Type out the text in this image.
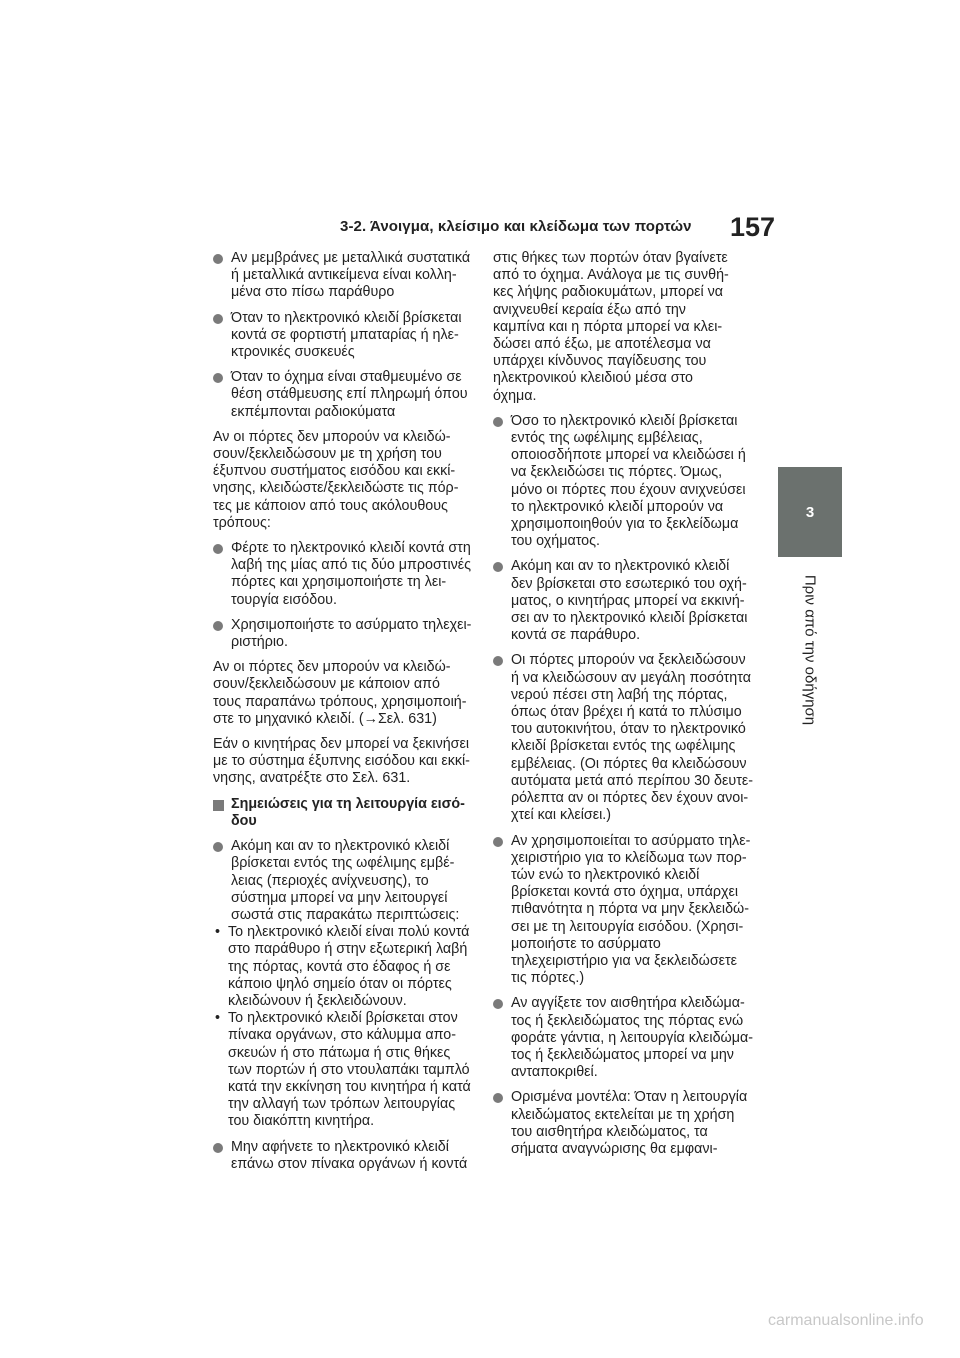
3-2. Άνοιγμα, κλείσιμο και κλείδωμα των πορτών 157
3
Πριν από την οδήγηση
Αν μεμβράνες με μεταλλικά συστατικά
ή μεταλλικά αντικείμενα είναι κολλη-
μένα στο πίσω παράθυρο
Όταν το ηλεκτρονικό κλειδί βρίσκεται
κοντά σε φορτιστή μπαταρίας ή ηλε-
κτρονικές συσκευές
Όταν το όχημα είναι σταθμευμένο σε
θέση στάθμευσης επί πληρωμή όπου
εκπέμπονται ραδιοκύματα
Αν οι πόρτες δεν μπορούν να κλειδώ-
σουν/ξεκλειδώσουν με τη χρήση του
έξυπνου συστήματος εισόδου και εκκί-
νησης, κλειδώστε/ξεκλειδώστε τις πόρ-
τες με κάποιον από τους ακόλουθους
τρόπους:
Φέρτε το ηλεκτρονικό κλειδί κοντά στη
λαβή της μίας από τις δύο μπροστινές
πόρτες και χρησιμοποιήστε τη λει-
τουργία εισόδου.
Χρησιμοποιήστε το ασύρματο τηλεχει-
ριστήριο.
Αν οι πόρτες δεν μπορούν να κλειδώ-
σουν/ξεκλειδώσουν με κάποιον από
τους παραπάνω τρόπους, χρησιμοποιή-
στε το μηχανικό κλειδί. (→Σελ. 631)
Εάν ο κινητήρας δεν μπορεί να ξεκινήσει
με το σύστημα έξυπνης εισόδου και εκκί-
νησης, ανατρέξτε στο Σελ. 631.
Σημειώσεις για τη λειτουργία εισό-
δου
Ακόμη και αν το ηλεκτρονικό κλειδί
βρίσκεται εντός της ωφέλιμης εμβέ-
λειας (περιοχές ανίχνευσης), το
σύστημα μπορεί να μην λειτουργεί
σωστά στις παρακάτω περιπτώσεις:
• Το ηλεκτρονικό κλειδί είναι πολύ κοντά
στο παράθυρο ή στην εξωτερική λαβή
της πόρτας, κοντά στο έδαφος ή σε
κάποιο ψηλό σημείο όταν οι πόρτες
κλειδώνουν ή ξεκλειδώνουν.
• Το ηλεκτρονικό κλειδί βρίσκεται στον
πίνακα οργάνων, στο κάλυμμα απο-
σκευών ή στο πάτωμα ή στις θήκες
των πορτών ή στο ντουλαπάκι ταμπλό
κατά την εκκίνηση του κινητήρα ή κατά
την αλλαγή των τρόπων λειτουργίας
του διακόπτη κινητήρα.
Μην αφήνετε το ηλεκτρονικό κλειδί
επάνω στον πίνακα οργάνων ή κοντά
στις θήκες των πορτών όταν βγαίνετε
από το όχημα. Ανάλογα με τις συνθή-
κες λήψης ραδιοκυμάτων, μπορεί να
ανιχνευθεί κεραία έξω από την
καμπίνα και η πόρτα μπορεί να κλει-
δώσει από έξω, με αποτέλεσμα να
υπάρχει κίνδυνος παγίδευσης του
ηλεκτρονικού κλειδιού μέσα στο
όχημα.
Όσο το ηλεκτρονικό κλειδί βρίσκεται
εντός της ωφέλιμης εμβέλειας,
οποιοσδήποτε μπορεί να κλειδώσει ή
να ξεκλειδώσει τις πόρτες. Όμως,
μόνο οι πόρτες που έχουν ανιχνεύσει
το ηλεκτρονικό κλειδί μπορούν να
χρησιμοποιηθούν για το ξεκλείδωμα
του οχήματος.
Ακόμη και αν το ηλεκτρονικό κλειδί
δεν βρίσκεται στο εσωτερικό του οχή-
ματος, ο κινητήρας μπορεί να εκκινή-
σει αν το ηλεκτρονικό κλειδί βρίσκεται
κοντά σε παράθυρο.
Οι πόρτες μπορούν να ξεκλειδώσουν
ή να κλειδώσουν αν μεγάλη ποσότητα
νερού πέσει στη λαβή της πόρτας,
όπως όταν βρέχει ή κατά το πλύσιμο
του αυτοκινήτου, όταν το ηλεκτρονικό
κλειδί βρίσκεται εντός της ωφέλιμης
εμβέλειας. (Οι πόρτες θα κλειδώσουν
αυτόματα μετά από περίπου 30 δευτε-
ρόλεπτα αν οι πόρτες δεν έχουν ανοι-
χτεί και κλείσει.)
Αν χρησιμοποιείται το ασύρματο τηλε-
χειριστήριο για το κλείδωμα των πορ-
τών ενώ το ηλεκτρονικό κλειδί
βρίσκεται κοντά στο όχημα, υπάρχει
πιθανότητα η πόρτα να μην ξεκλειδώ-
σει με τη λειτουργία εισόδου. (Χρησι-
μοποιήστε το ασύρματο
τηλεχειριστήριο για να ξεκλειδώσετε
τις πόρτες.)
Αν αγγίξετε τον αισθητήρα κλειδώμα-
τος ή ξεκλειδώματος της πόρτας ενώ
φοράτε γάντια, η λειτουργία κλειδώμα-
τος ή ξεκλειδώματος μπορεί να μην
ανταποκριθεί.
Ορισμένα μοντέλα: Όταν η λειτουργία
κλειδώματος εκτελείται με τη χρήση
του αισθητήρα κλειδώματος, τα
σήματα αναγνώρισης θα εμφανι-
carmanualsonline.info
